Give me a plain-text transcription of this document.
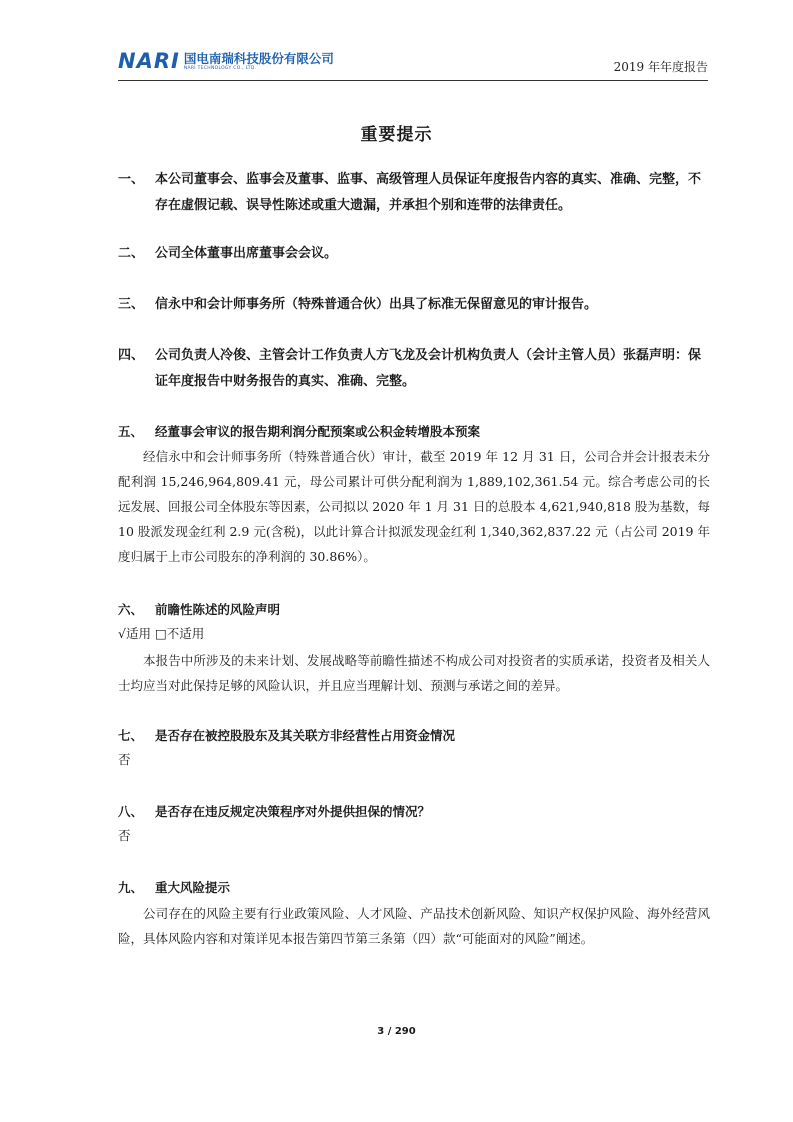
NARI 国电南瑞科技股份有限公司
NARI TECHNOLOGY CO., LTD.	2019 年年度报告
重要提示
一、 本公司董事会、监事会及董事、监事、高级管理人员保证年度报告内容的真实、准确、完整，不存在虚假记载、误导性陈述或重大遗漏，并承担个别和连带的法律责任。
二、 公司全体董事出席董事会会议。
三、 信永中和会计师事务所（特殊普通合伙）出具了标准无保留意见的审计报告。
四、 公司负责人冷俊、主管会计工作负责人方飞龙及会计机构负责人（会计主管人员）张磊声明：保证年度报告中财务报告的真实、准确、完整。
五、 经董事会审议的报告期利润分配预案或公积金转增股本预案
经信永中和会计师事务所（特殊普通合伙）审计，截至 2019 年 12 月 31 日，公司合并会计报表未分配利润 15,246,964,809.41 元，母公司累计可供分配利润为 1,889,102,361.54 元。综合考虑公司的长远发展、回报公司全体股东等因素，公司拟以 2020 年 1 月 31 日的总股本 4,621,940,818 股为基数，每 10 股派发现金红利 2.9 元(含税)，以此计算合计拟派发现金红利 1,340,362,837.22 元（占公司 2019 年度归属于上市公司股东的净利润的 30.86%）。
六、 前瞻性陈述的风险声明
√适用 □不适用
本报告中所涉及的未来计划、发展战略等前瞻性描述不构成公司对投资者的实质承诺，投资者及相关人士均应当对此保持足够的风险认识，并且应当理解计划、预测与承诺之间的差异。
七、 是否存在被控股股东及其关联方非经营性占用资金情况
否
八、 是否存在违反规定决策程序对外提供担保的情况？
否
九、 重大风险提示
公司存在的风险主要有行业政策风险、人才风险、产品技术创新风险、知识产权保护风险、海外经营风险，具体风险内容和对策详见本报告第四节第三条第（四）款“可能面对的风险”阐述。
3 / 290
